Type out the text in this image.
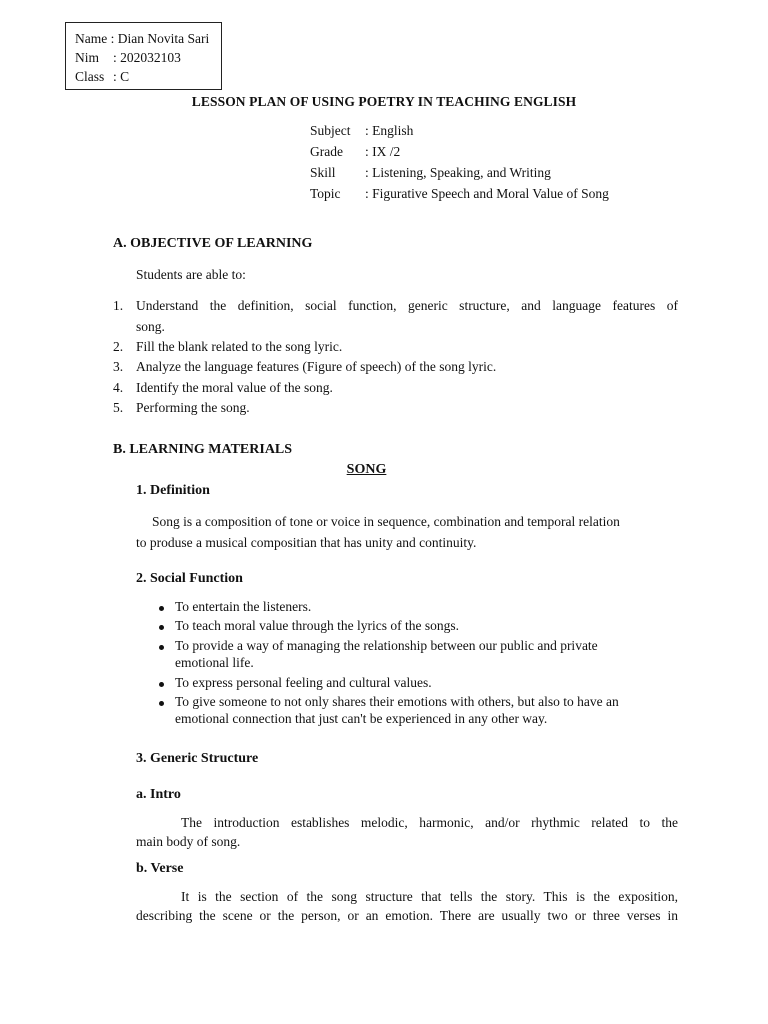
Name : Dian Novita Sari
Nim : 202032103
Class : C
LESSON PLAN OF USING POETRY IN TEACHING ENGLISH
Subject : English
Grade : IX /2
Skill : Listening, Speaking, and Writing
Topic : Figurative Speech and Moral Value of Song
A. OBJECTIVE OF LEARNING
Students are able to:
1. Understand the definition, social function, generic structure, and language features of
song.
2. Fill the blank related to the song lyric.
3. Analyze the language features (Figure of speech) of the song lyric.
4. Identify the moral value of the song.
5. Performing the song.
B. LEARNING MATERIALS
SONG
1. Definition
Song is a composition of tone or voice in sequence, combination and temporal relation
to produse a musical compositian that has unity and continuity.
2. Social Function
To entertain the listeners.
To teach moral value through the lyrics of the songs.
To provide a way of managing the relationship between our public and private
emotional life.
To express personal feeling and cultural values.
To give someone to not only shares their emotions with others, but also to have an
emotional connection that just can't be experienced in any other way.
3. Generic Structure
a. Intro
The introduction establishes melodic, harmonic, and/or rhythmic related to the
main body of song.
b. Verse
It is the section of the song structure that tells the story. This is the exposition,
describing the scene or the person, or an emotion. There are usually two or three verses in
